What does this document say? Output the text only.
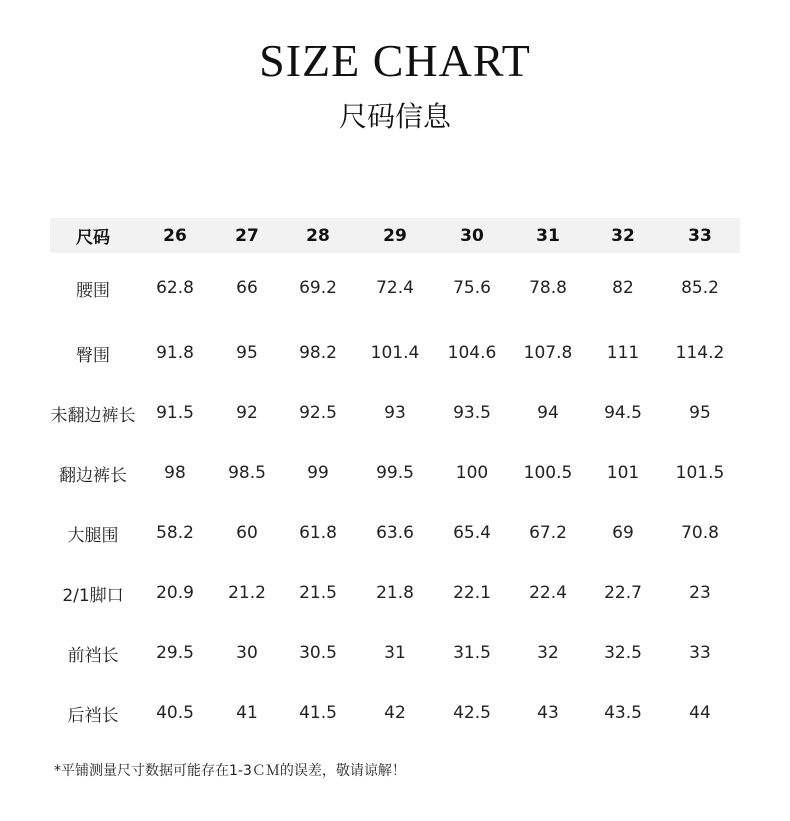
SIZE CHART
尺码信息
尺码	26	27	28	29	30	31	32	33
腰围	62.8	66	69.2	72.4	75.6	78.8	82	85.2
臀围	91.8	95	98.2	101.4	104.6	107.8	111	114.2
未翻边裤长	91.5	92	92.5	93	93.5	94	94.5	95
翻边裤长	98	98.5	99	99.5	100	100.5	101	101.5
大腿围	58.2	60	61.8	63.6	65.4	67.2	69	70.8
2/1脚口	20.9	21.2	21.5	21.8	22.1	22.4	22.7	23
前裆长	29.5	30	30.5	31	31.5	32	32.5	33
后裆长	40.5	41	41.5	42	42.5	43	43.5	44
*平铺测量尺寸数据可能存在1-3ＣＭ的误差，敬请谅解！
